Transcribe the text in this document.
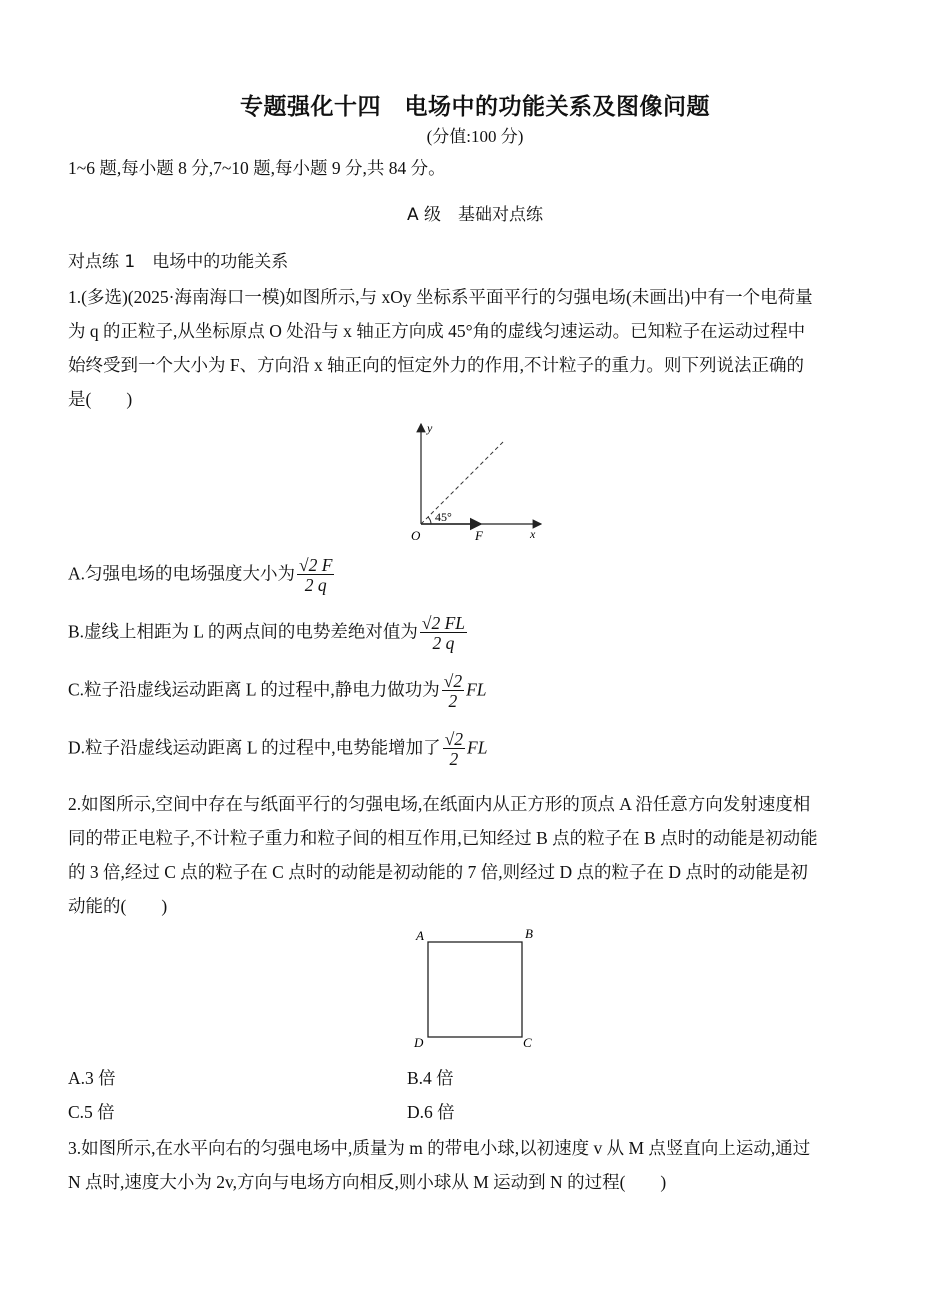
专题强化十四　电场中的功能关系及图像问题
(分值:100 分)
1~6 题,每小题 8 分,7~10 题,每小题 9 分,共 84 分。
A 级　基础对点练
对点练 1　电场中的功能关系
1.(多选)(2025·海南海口一模)如图所示,与 xOy 坐标系平面平行的匀强电场(未画出)中有一个电荷量
为 q 的正粒子,从坐标原点 O 处沿与 x 轴正方向成 45°角的虚线匀速运动。已知粒子在运动过程中
始终受到一个大小为 F、方向沿 x 轴正向的恒定外力的作用,不计粒子的重力。则下列说法正确的
是(　　)
y
x
O	F
45°
A.匀强电场的电场强度大小为 $\frac{√2 F}{2 q}$
B.虚线上相距为 L 的两点间的电势差绝对值为 $\frac{√2 FL}{2 q}$
C.粒子沿虚线运动距离 L 的过程中,静电力做功为 $\frac{√2}{2}$ FL
D.粒子沿虚线运动距离 L 的过程中,电势能增加了 $\frac{√2}{2}$ FL
2.如图所示,空间中存在与纸面平行的匀强电场,在纸面内从正方形的顶点 A 沿任意方向发射速度相
同的带正电粒子,不计粒子重力和粒子间的相互作用,已知经过 B 点的粒子在 B 点时的动能是初动能
的 3 倍,经过 C 点的粒子在 C 点时的动能是初动能的 7 倍,则经过 D 点的粒子在 D 点时的动能是初
动能的(　　)
A	B
C
D
A.3 倍	B.4 倍
C.5 倍	D.6 倍
3.如图所示,在水平向右的匀强电场中,质量为 m 的带电小球,以初速度 v 从 M 点竖直向上运动,通过
N 点时,速度大小为 2v,方向与电场方向相反,则小球从 M 运动到 N 的过程(　　)
